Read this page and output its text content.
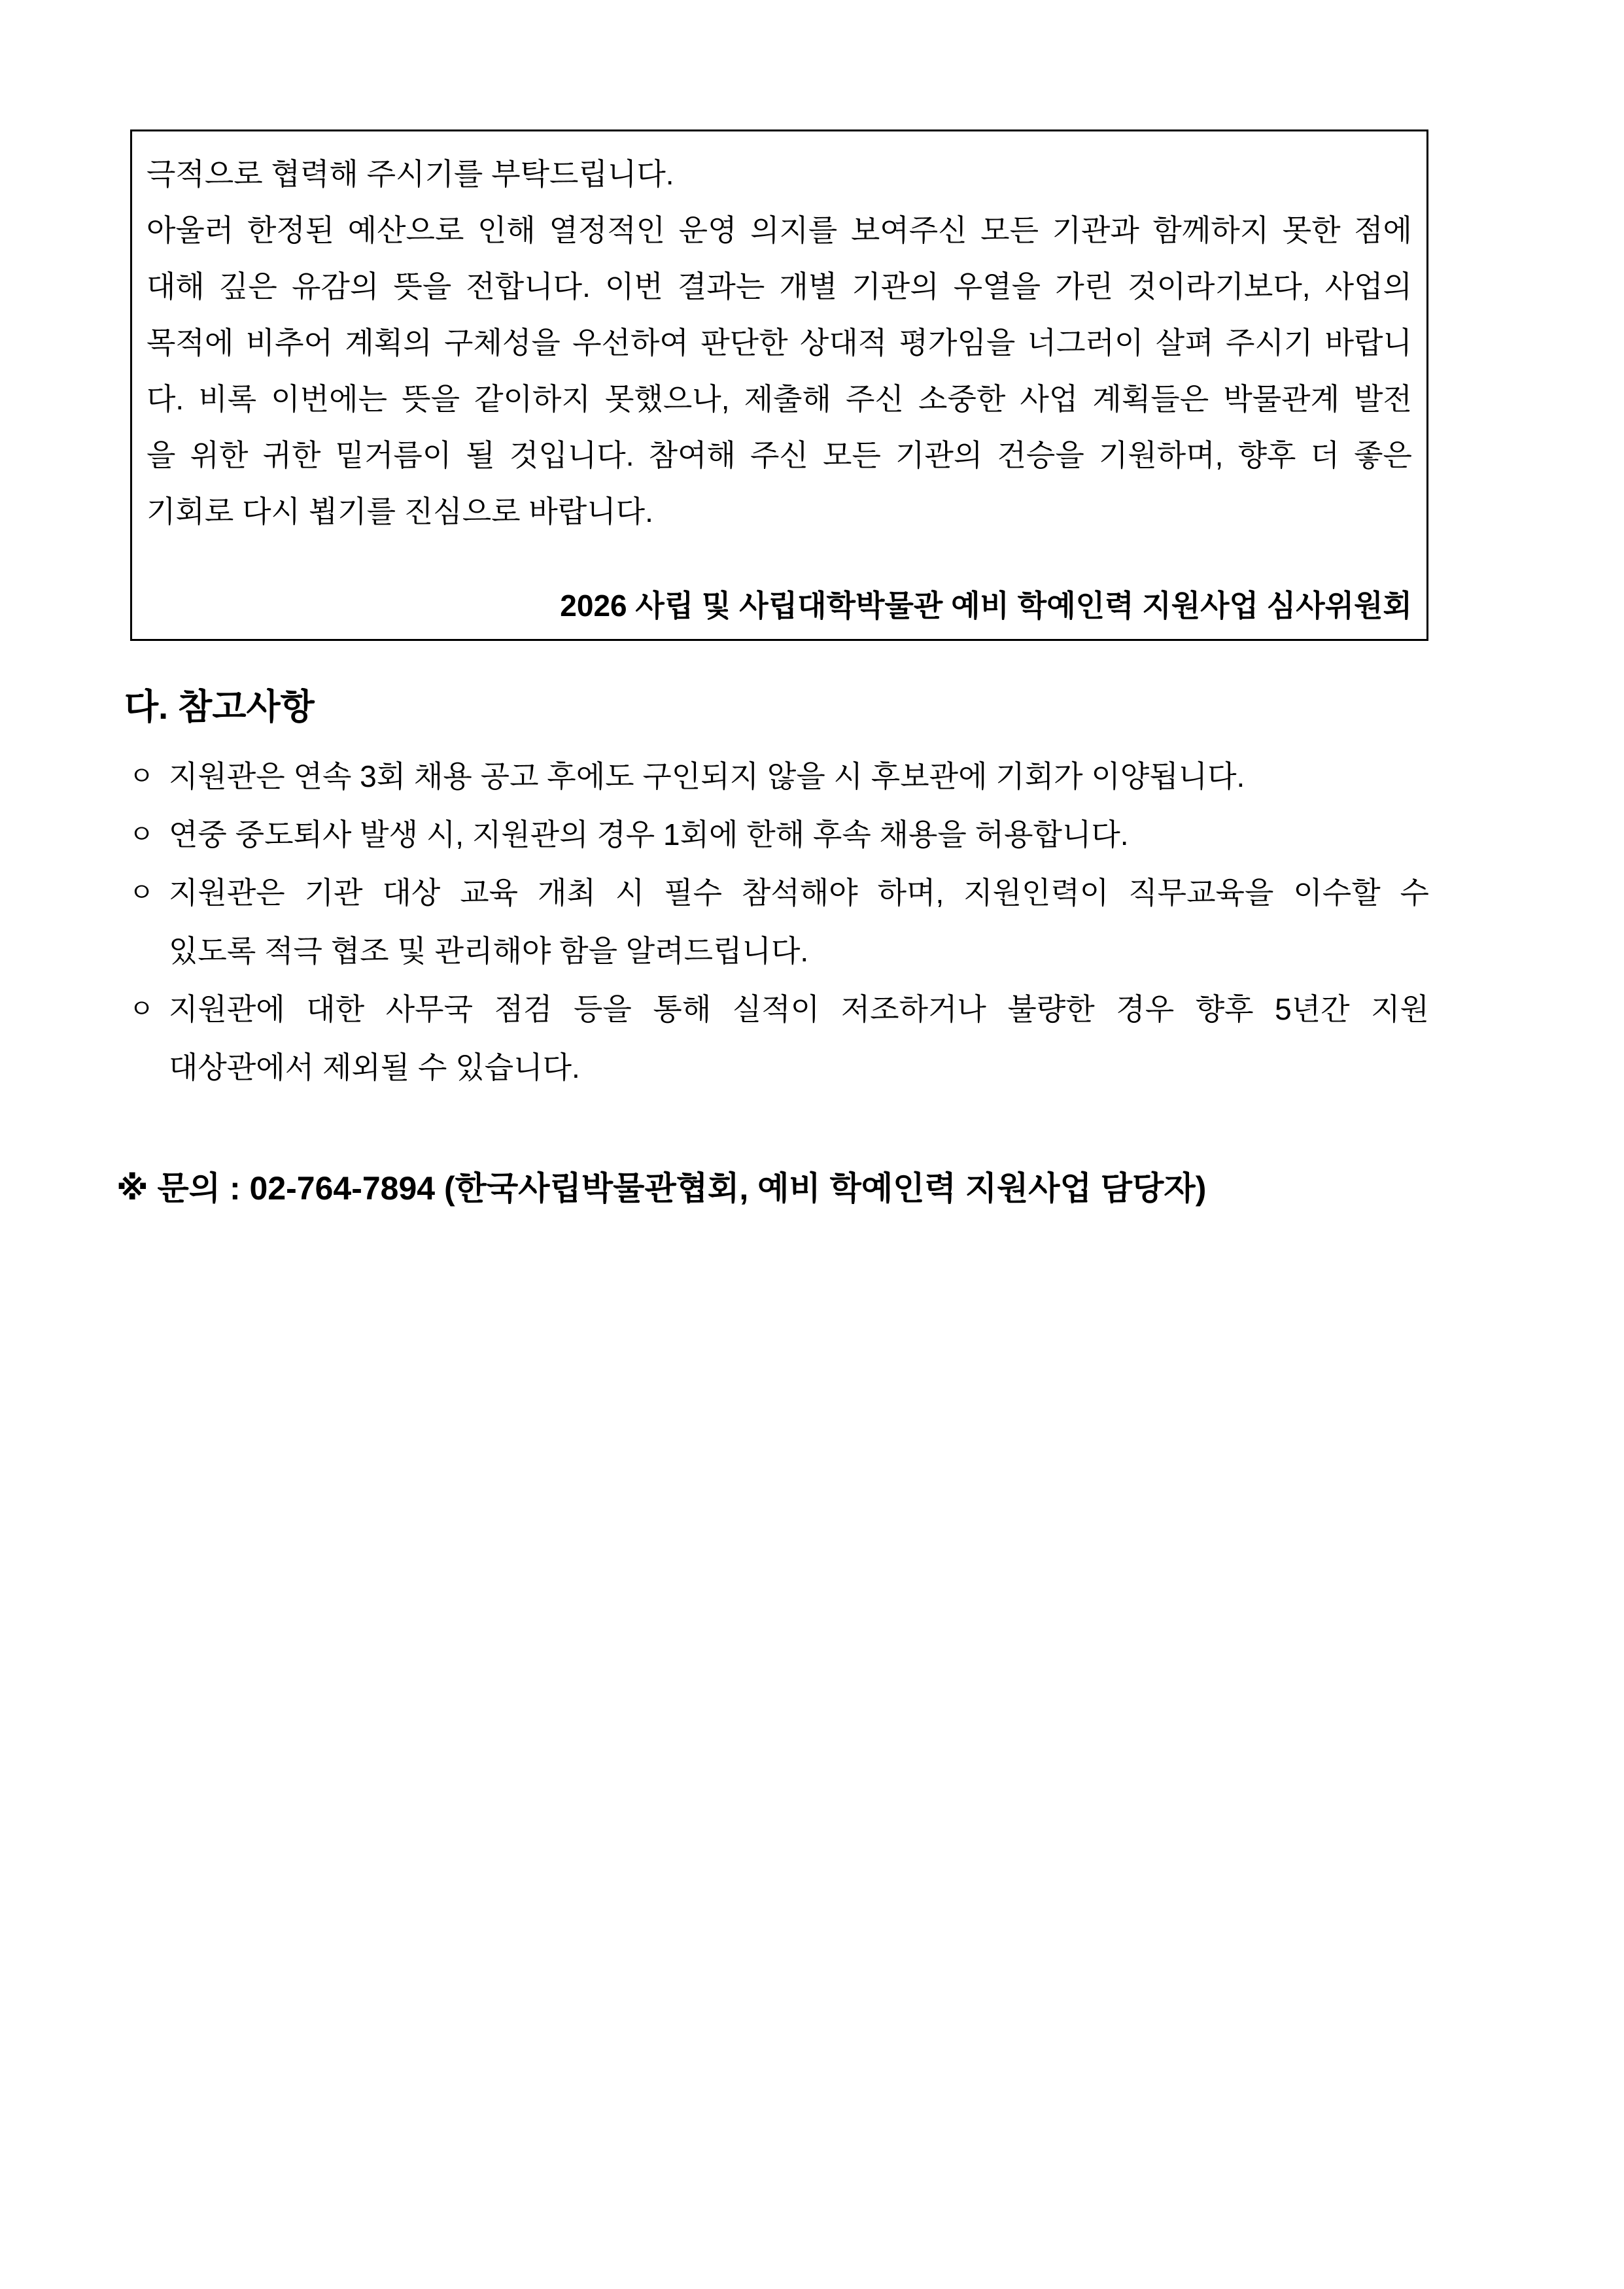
극적으로 협력해 주시기를 부탁드립니다.

아울러 한정된 예산으로 인해 열정적인 운영 의지를 보여주신 모든 기관과 함께하지 못한 점에

대해 깊은 유감의 뜻을 전합니다. 이번 결과는 개별 기관의 우열을 가린 것이라기보다, 사업의

목적에 비추어 계획의 구체성을 우선하여 판단한 상대적 평가임을 너그러이 살펴 주시기 바랍니

다. 비록 이번에는 뜻을 같이하지 못했으나, 제출해 주신 소중한 사업 계획들은 박물관계 발전

을 위한 귀한 밑거름이 될 것입니다. 참여해 주신 모든 기관의 건승을 기원하며, 향후 더 좋은

기회로 다시 뵙기를 진심으로 바랍니다.

2026 사립 및 사립대학박물관 예비 학예인력 지원사업 심사위원회

다. 참고사항
ㅇ 지원관은 연속 3회 채용 공고 후에도 구인되지 않을 시 후보관에 기회가 이양됩니다.

ㅇ 연중 중도퇴사 발생 시, 지원관의 경우 1회에 한해 후속 채용을 허용합니다.

ㅇ 지원관은 기관 대상 교육 개최 시 필수 참석해야 하며, 지원인력이 직무교육을 이수할 수

있도록 적극 협조 및 관리해야 함을 알려드립니다.

ㅇ 지원관에 대한 사무국 점검 등을 통해 실적이 저조하거나 불량한 경우 향후 5년간 지원

대상관에서 제외될 수 있습니다.

※ 문의 : 02-764-7894 (한국사립박물관협회, 예비 학예인력 지원사업 담당자)
